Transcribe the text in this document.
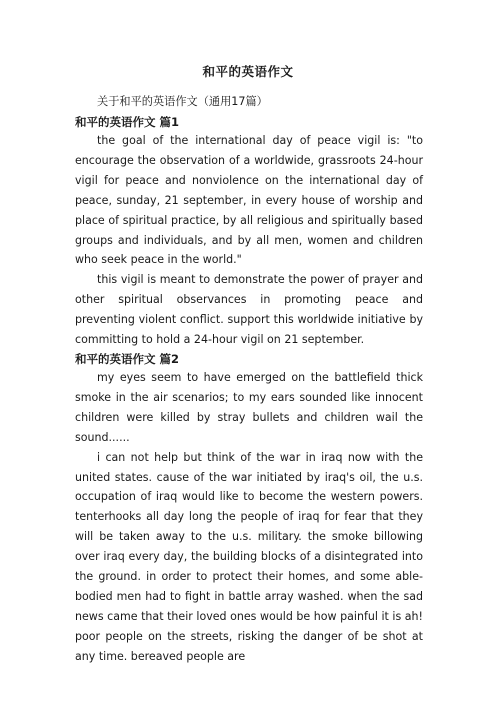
和平的英语作文

关于和平的英语作文（通用17篇）

和平的英语作文 篇1

the goal of the international day of peace vigil is: "to encourage the observation of a worldwide, grassroots 24-hour vigil for peace and nonviolence on the international day of peace, sunday, 21 september, in every house of worship and place of spiritual practice, by all religious and spiritually based groups and individuals, and by all men, women and children who seek peace in the world."

this vigil is meant to demonstrate the power of prayer and other spiritual observances in promoting peace and preventing violent conflict. support this worldwide initiative by committing to hold a 24-hour vigil on 21 september.

和平的英语作文 篇2

my eyes seem to have emerged on the battlefield thick smoke in the air scenarios; to my ears sounded like innocent children were killed by stray bullets and children wail the sound......

i can not help but think of the war in iraq now with the united states. cause of the war initiated by iraq's oil, the u.s. occupation of iraq would like to become the western powers. tenterhooks all day long the people of iraq for fear that they will be taken away to the u.s. military. the smoke billowing over iraq every day, the building blocks of a disintegrated into the ground. in order to protect their homes, and some able-bodied men had to fight in battle array washed. when the sad news came that their loved ones would be how painful it is ah! poor people on the streets, risking the danger of be shot at any time. bereaved people are
